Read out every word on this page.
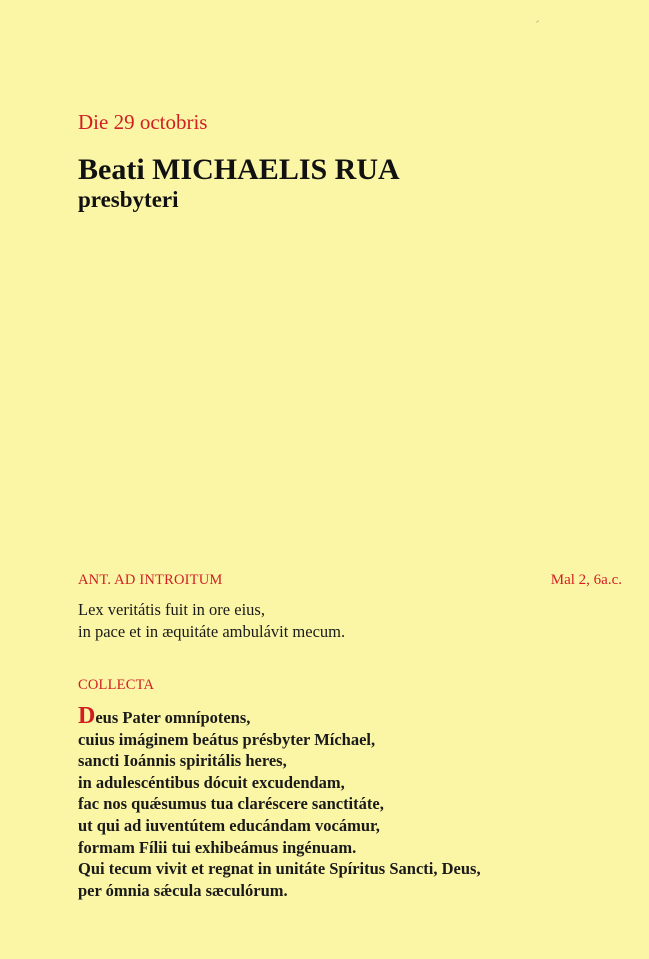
Die 29 octobris
Beati MICHAELIS RUA
presbyteri
ANT. AD INTROITUM	Mal 2, 6a.c.
Lex veritátis fuit in ore eius,
in pace et in æquitáte ambulávit mecum.
COLLECTA
Deus Pater omnípotens,
cuius imáginem beátus présbyter Míchael,
sancti Ioánnis spiritális heres,
in adulescéntibus dócuit excudendam,
fac nos quǽsumus tua claréscere sanctitáte,
ut qui ad iuventútem educándam vocámur,
formam Fílii tui exhibeámus ingénuam.
Qui tecum vivit et regnat in unitáte Spíritus Sancti, Deus,
per ómnia sǽcula sæculórum.
